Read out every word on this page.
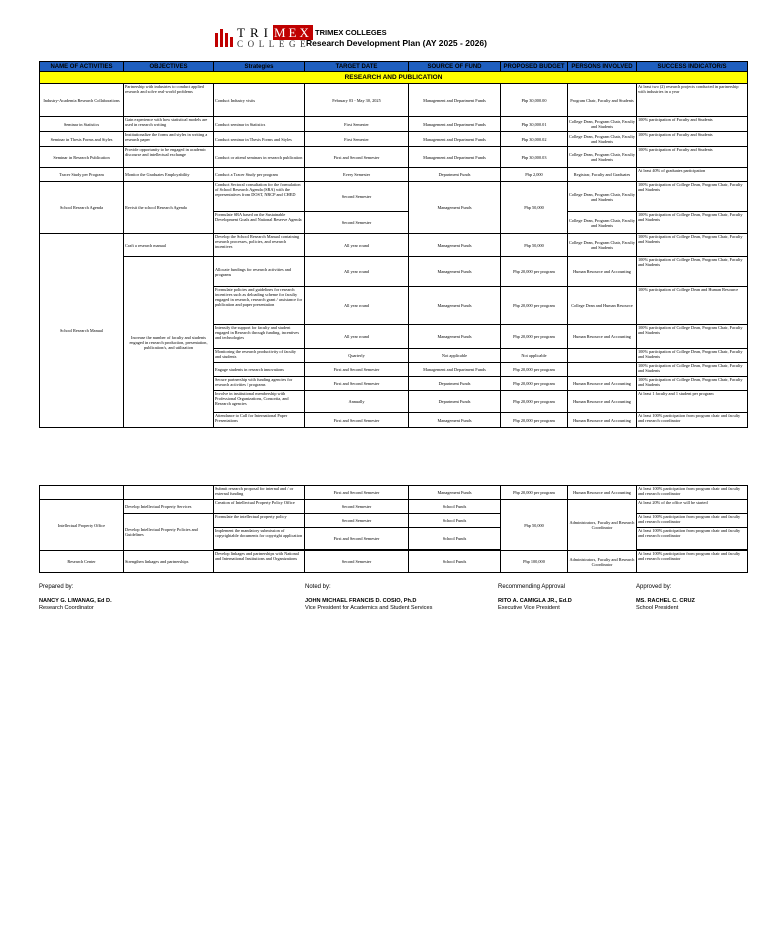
TRIMEX
COLLEGE
TRIMEX COLLEGES
Research Development Plan (AY 2025 - 2026)
NAME OF ACTIVITIES	OBJECTIVES	Strategies	TARGET DATE	SOURCE OF FUND	PROPOSED BUDGET	PERSONS INVOLVED	SUCCESS INDICATOR/S
RESEARCH AND PUBLICATION							
Industry-Academia Research Collaborations	Partnership with industries to conduct applied research and solve real-world problems	Conduct Industry visits	February 03 - May 30, 2025	Management and Department Funds	Php 30,000.00	Program Chair, Faculty and Students	At least two (2) research projects conducted in partnership with industries in a year
Seminar in Statistics	Gain experience with how statistical models are used in research writing	Conduct seminar in Statistics	First Semester	Management and Department Funds	Php 30,000.01	College Dean, Program Chair, Faculty and Students	100% participation of Faculty and Students
Seminar in Thesis Forms and Styles	Institutionalize the forms and styles in writing a research paper	Conduct seminar in Thesis Forms and Styles	First Semester	Management and Department Funds	Php 30,000.02	College Dean, Program Chair, Faculty and Students	100% participation of Faculty and Students
Seminar in Research Publication	Provide opportunity to be engaged in academic discourse and intellectual exchange	Conduct or attend seminars in research publication	First and Second Semester	Management and Department Funds	Php 30,000.03	College Dean, Program Chair, Faculty and Students	100% participation of Faculty and Students
Tracer Study per Program	Monitor the Graduates Employability	Conduct a Tracer Study per program	Every Semester	Department Funds	Php 2,000	Registrar, Faculty and Graduates	At least 40% of graduates participation
School Research Agenda	Revisit the school Research Agenda	Conduct Sectoral consultation for the formulation of School Research Agenda (SRA) with the representatives from DOST, NRCP and CHED	Second Semester	Management Funds	Php 50,000	College Dean, Program Chair, Faculty and Students	100% participation of College Dean, Program Chair, Faculty and Students
		Formulate SRA based on the Sustainable Development Goals and National Reserve Agenda	Second Semester			College Dean, Program Chair, Faculty and Students	100% participation of College Dean, Program Chair, Faculty and Students
School Research Manual	Craft a research manual	Develop the School Research Manual containing research processes, policies, and research incentives	All year round	Management Funds	Php 50,000	College Dean, Program Chair, Faculty and Students	100% participation of College Dean, Program Chair, Faculty and Students
	Increase the number of faculty and students engaged in research production, presentation, publication/s, and utilization	Allocate fundings for research activities and programs	All year round	Management Funds	Php 20,000 per program	Human Resource and Accounting	100% participation of College Dean, Program Chair, Faculty and Students
		Formulate policies and guidelines for research incentives such as deloading scheme for faculty engaged in research, research grant / assistance for publication and paper presentation	All year round	Management Funds	Php 20,000 per program	College Dean and Human Resource	100% participation of College Dean and Human Resource
		Intensify the support for faculty and student engaged in Research through funding, incentives and technologies	All year round	Management Funds	Php 20,000 per program	Human Resource and Accounting	100% participation of College Dean, Program Chair, Faculty and Students
		Monitoring the research productivity of faculty and students	Quarterly	Not applicable	Not applicable		100% participation of College Dean, Program Chair, Faculty and Students
		Engage students in research innovations	First and Second Semester	Management and Department Funds	Php 20,000 per program		100% participation of College Dean, Program Chair, Faculty and Students
		Secure partnership with funding agencies for research activities / programs	First and Second Semester	Department Funds	Php 20,000 per program	Human Resource and Accounting	100% participation of College Dean, Program Chair, Faculty and Students
		Involve in institutional membership with Professional Organizations, Consortia, and Research agencies	Annually	Department Funds	Php 20,000 per program	Human Resource and Accounting	At least 1 faculty and 1 student per program
		Attendance to Call for International Paper Presentations	First and Second Semester	Management Funds	Php 20,000 per program	Human Resource and Accounting	At least 100% participation from program chair and faculty and research coordinator
		Submit research proposal for internal and / or external funding	First and Second Semester	Management Funds	Php 20,000 per program	Human Resource and Accounting	At least 100% participation from program chair and faculty and research coordinator	
Intellectual Property Office	Develop Intellectual Property Services	Creation of Intellectual Property Policy Office	Second Semester	School Funds	Php 50,000	Administrators, Faculty and Research Coordinator	At least 20% of the office will be started	
	Develop Intellectual Property Policies and Guidelines	Formulate the intellectual property policy	Second Semester	School Funds			At least 100% participation from program chair and faculty and research coordinator	
		Implement the mandatory submission of copyrightable documents for copyright application	First and Second Semester	School Funds			At least 100% participation from program chair and faculty and research coordinator	

Research Center	Strengthen linkages and partnerships	Develop linkages and partnerships with National and International Institutions and Organizations	Second Semester	School Funds	Php 100,000	Administrators, Faculty and Research Coordinator	At least 100% participation from program chair and faculty and research coordinator	
Prepared by:

NANCY G. LIWANAG, Ed D.
Research Coordinator
Noted by:

JOHN MICHAEL FRANCIS D. COSIO, Ph.D
Vice President for Academics and Student Services
Recommending Approval

RITO A. CAMIGLA JR., Ed.D
Executive Vice President
Approved by:

MS. RACHEL C. CRUZ
School President
